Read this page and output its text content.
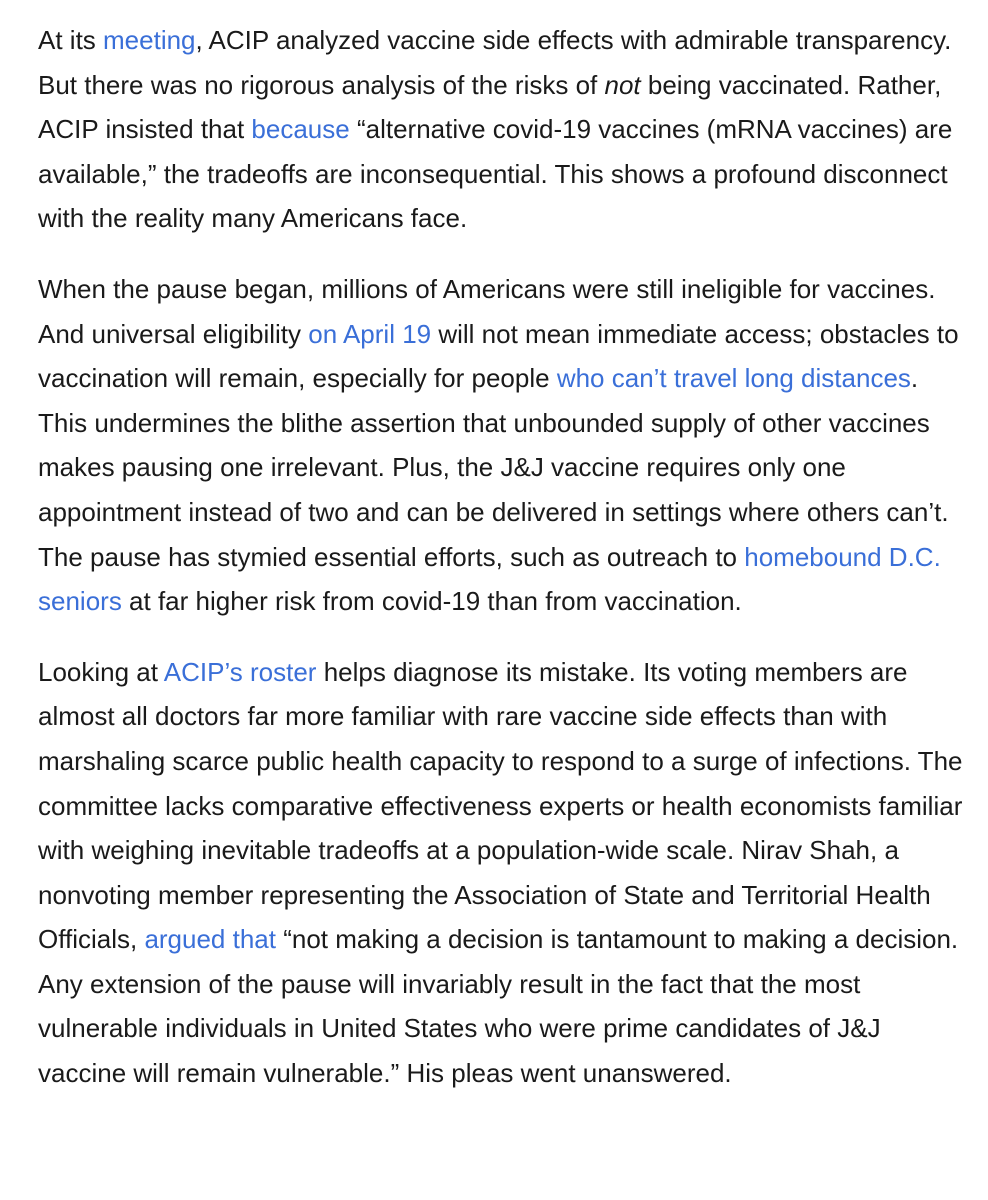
At its meeting, ACIP analyzed vaccine side effects with admirable transparency. But there was no rigorous analysis of the risks of not being vaccinated. Rather, ACIP insisted that because “alternative covid-19 vaccines (mRNA vaccines) are available,” the tradeoffs are inconsequential. This shows a profound disconnect with the reality many Americans face.

When the pause began, millions of Americans were still ineligible for vaccines. And universal eligibility on April 19 will not mean immediate access; obstacles to vaccination will remain, especially for people who can’t travel long distances. This undermines the blithe assertion that unbounded supply of other vaccines makes pausing one irrelevant. Plus, the J&J vaccine requires only one appointment instead of two and can be delivered in settings where others can’t. The pause has stymied essential efforts, such as outreach to homebound D.C. seniors at far higher risk from covid-19 than from vaccination.

Looking at ACIP’s roster helps diagnose its mistake. Its voting members are almost all doctors far more familiar with rare vaccine side effects than with marshaling scarce public health capacity to respond to a surge of infections. The committee lacks comparative effectiveness experts or health economists familiar with weighing inevitable tradeoffs at a population-wide scale. Nirav Shah, a nonvoting member representing the Association of State and Territorial Health Officials, argued that “not making a decision is tantamount to making a decision. Any extension of the pause will invariably result in the fact that the most vulnerable individuals in United States who were prime candidates of J&J vaccine will remain vulnerable.” His pleas went unanswered.
